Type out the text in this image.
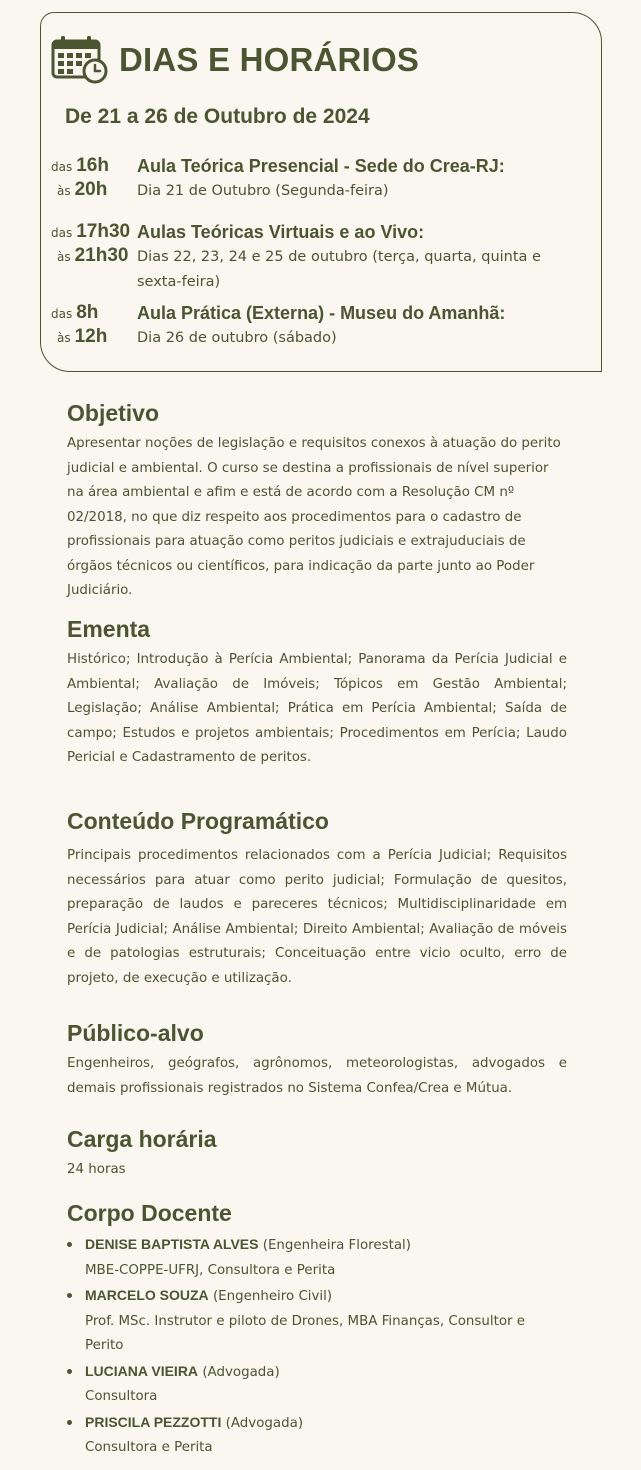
DIAS E HORÁRIOS
De 21 a 26 de Outubro de 2024
das 16h
às 20h
Aula Teórica Presencial - Sede do Crea-RJ:
Dia 21 de Outubro (Segunda-feira)
das 17h30
às 21h30
Aulas Teóricas Virtuais e ao Vivo:
Dias 22, 23, 24 e 25 de outubro (terça, quarta, quinta e sexta-feira)
das 8h
às 12h
Aula Prática (Externa) - Museu do Amanhã:
Dia 26 de outubro (sábado)
Objetivo
Apresentar noções de legislação e requisitos conexos à atuação do perito judicial e ambiental. O curso se destina a profissionais de nível superior na área ambiental e afim e está de acordo com a Resolução CM nº 02/2018, no que diz respeito aos procedimentos para o cadastro de profissionais para atuação como peritos judiciais e extrajuduciais de órgãos técnicos ou científicos, para indicação da parte junto ao Poder Judiciário.
Ementa
Histórico; Introdução à Perícia Ambiental; Panorama da Perícia Judicial e Ambiental; Avaliação de Imóveis; Tópicos em Gestão Ambiental; Legislação; Análise Ambiental; Prática em Perícia Ambiental; Saída de campo; Estudos e projetos ambientais; Procedimentos em Perícia; Laudo Pericial e Cadastramento de peritos.
Conteúdo Programático
Principais procedimentos relacionados com a Perícia Judicial; Requisitos necessários para atuar como perito judicial; Formulação de quesitos, preparação de laudos e pareceres técnicos; Multidisciplinaridade em Perícia Judicial; Análise Ambiental; Direito Ambiental; Avaliação de móveis e de patologias estruturais; Conceituação entre vicio oculto, erro de projeto, de execução e utilização.
Público-alvo
Engenheiros, geógrafos, agrônomos, meteorologistas, advogados e demais profissionais registrados no Sistema Confea/Crea e Mútua.
Carga horária
24 horas
Corpo Docente
DENISE BAPTISTA ALVES (Engenheira Florestal)
MBE-COPPE-UFRJ, Consultora e Perita
MARCELO SOUZA (Engenheiro Civil)
Prof. MSc. Instrutor e piloto de Drones, MBA Finanças, Consultor e Perito
LUCIANA VIEIRA (Advogada)
Consultora
PRISCILA PEZZOTTI (Advogada)
Consultora e Perita
